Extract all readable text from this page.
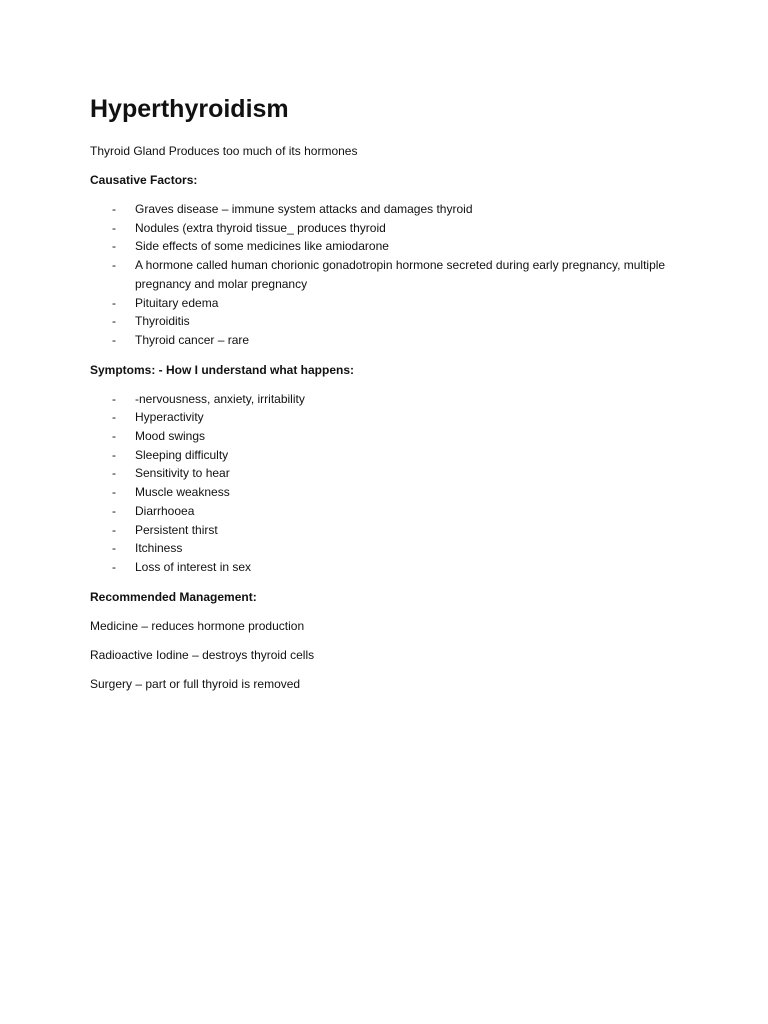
Hyperthyroidism

Thyroid Gland Produces too much of its hormones

Causative Factors:

- Graves disease – immune system attacks and damages thyroid
- Nodules (extra thyroid tissue_ produces thyroid
- Side effects of some medicines like amiodarone
- A hormone called human chorionic gonadotropin hormone secreted during early pregnancy, multiple pregnancy and molar pregnancy
- Pituitary edema
- Thyroiditis
- Thyroid cancer – rare

Symptoms: - How I understand what happens:

- -nervousness, anxiety, irritability
- Hyperactivity
- Mood swings
- Sleeping difficulty
- Sensitivity to hear
- Muscle weakness
- Diarrhooea
- Persistent thirst
- Itchiness
- Loss of interest in sex

Recommended Management:

Medicine – reduces hormone production

Radioactive Iodine – destroys thyroid cells

Surgery – part or full thyroid is removed
